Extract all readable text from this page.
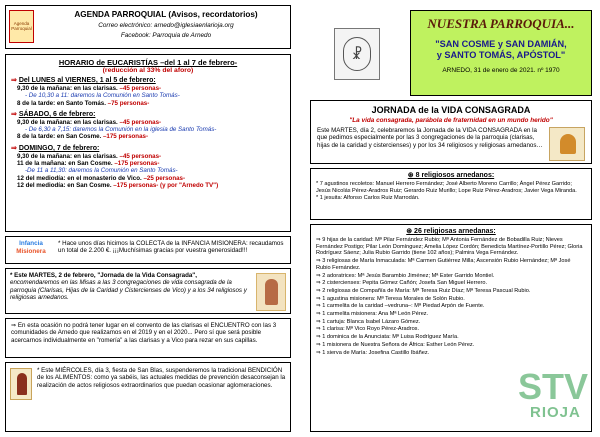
Agenda Parroquial
AGENDA PARROQUIAL (Avisos, recordatorios)
Correo electrónico: arnedo@iglesiaenlarioja.org
Facebook: Parroquia de Arnedo
HORARIO de EUCARISTÍAS –del 1 al 7 de febrero-
(reducción al 33% del aforo)
⇒ Del LUNES al VIERNES, 1 al 5 de febrero:
9,30 de la mañana: en las clarisas. –45 personas-
- De 10,30 a 11: daremos la Comunión en Santo Tomás-
8 de la tarde: en Santo Tomás. –75 personas-
⇒ SÁBADO, 6 de febrero:
9,30 de la mañana: en las clarisas. –45 personas-
- De 6,30 a 7,15: daremos la Comunión en la iglesia de Santo Tomás-
8 de la tarde: en San Cosme. –175 personas-
⇒ DOMINGO, 7 de febrero:
9,30 de la mañana: en las clarisas. –45 personas-
11 de la mañana: en San Cosme. –175 personas-
-De 11 a 11,30: daremos la Comunión en Santo Tomás-
12 del mediodía: en el monasterio de Vico. –25 personas-
12 del mediodía: en San Cosme. –175 personas- (y por "Arnedo TV")
Infancia
Misionera
* Hace unos días hicimos la COLECTA de la INFANCIA MISIONERA: recaudamos un total de 2.200 €. ¡¡¡Muchísimas gracias por vuestra generosidad!!!
* Este MARTES, 2 de febrero, "Jornada de la Vida Consagrada",
encomendaremos en las Misas a las 3 congregaciones de vida consagrada de la parroquia (Clarisas, Hijas de la Caridad y Cistercienses de Vico) y a los 34 religiosos y religiosas arnedanos.
⇒ En esta ocasión no podrá tener lugar en el convento de las clarisas el ENCUENTRO con las 3 comunidades de Arnedo que realizamos en el 2019 y en el 2020... Pero sí que será posible acercarnos individualmente en "romería" a las clarisas y a Vico para rezar en sus capillas.
* Este MIÉRCOLES, día 3, fiesta de San Blas, suspenderemos la tradicional BENDICIÓN de los ALIMENTOS: como ya sabéis, las actuales medidas de prevención desaconsejan la realización de actos religiosos extraordinarios que puedan ocasionar aglomeraciones.
☧
NUESTRA PARROQUIA...
"SAN COSME y SAN DAMIÁN,
y SANTO TOMÁS, APÓSTOL"
ARNEDO, 31 de enero de 2021. nº 1970
JORNADA de la VIDA CONSAGRADA
"La vida consagrada, parábola de fraternidad en un mundo herido"
Este MARTES, día 2, celebraremos la Jornada de la VIDA CONSAGRADA en la que pedimos especialmente por las 3 congregaciones de la parroquia (clarisas, hijas de la caridad y cistercienses) y por los 34 religiosos y religiosas arnedanos…
⊛ 8 religiosos arnedanos:
* 7 agustinos recoletos: Manuel Herrero Fernández; José Alberto Moreno Carrillo; Ángel Pérez Garrido; Jesús Nicolás Pérez-Aradros Ruiz; Gerardo Ruiz Murillo; Lope Ruiz Pérez-Aradros; Javier Vega Miranda.
* 1 jesuita: Alfonso Carlos Ruiz Marrodán.
⊛ 26 religiosas arnedanas:
⇒ 9 hijas de la caridad: Mª Pilar Fernández Rubio; Mª Antonia Fernández de Bobadilla Ruiz; Nieves Fernández Postigo; Pilar León Domínguez; Amelia López Cordón; Benedicta Martínez-Portillo Pérez; Gloria Rodríguez Sáenz; Julia Rubio Garrido (tiene 102 años); Palmira Vega Fernández.
⇒ 3 religiosas de María Inmaculada: Mª Carmen Gutiérrez Milla; Ascensión Rubio Hernández; Mª José Rubio Fernández.
⇒ 2 adoratrices: Mª Jesús Barambio Jiménez; Mª Ester Garrido Montiel.
⇒ 2 cistercienses: Pepita Gómez Cañón; Josefa San Miguel Herrero.
⇒ 2 religiosas de Compañía de María: Mª Teresa Ruiz Díaz; Mª Teresa Pascual Rubio.
⇒ 1 agustina misionera: Mª Teresa Morales de Solón Rubio.
⇒ 1 carmelita de la caridad –vedruna–: Mª Piedad Arpón de Fuente.
⇒ 1 carmelita misionera: Ana Mª León Pérez.
⇒ 1 cartuja: Blanca Isabel Lázaro Gómez.
⇒ 1 clarisa: Mª Vico Royo Pérez-Aradros.
⇒ 1 dominica de la Anunciata: Mª Luisa Rodríguez María.
⇒ 1 misionera de Nuestra Señora de África: Esther León Pérez.
⇒ 1 sierva de María: Josefina Castillo Ibáñez.
STV
RIOJA
